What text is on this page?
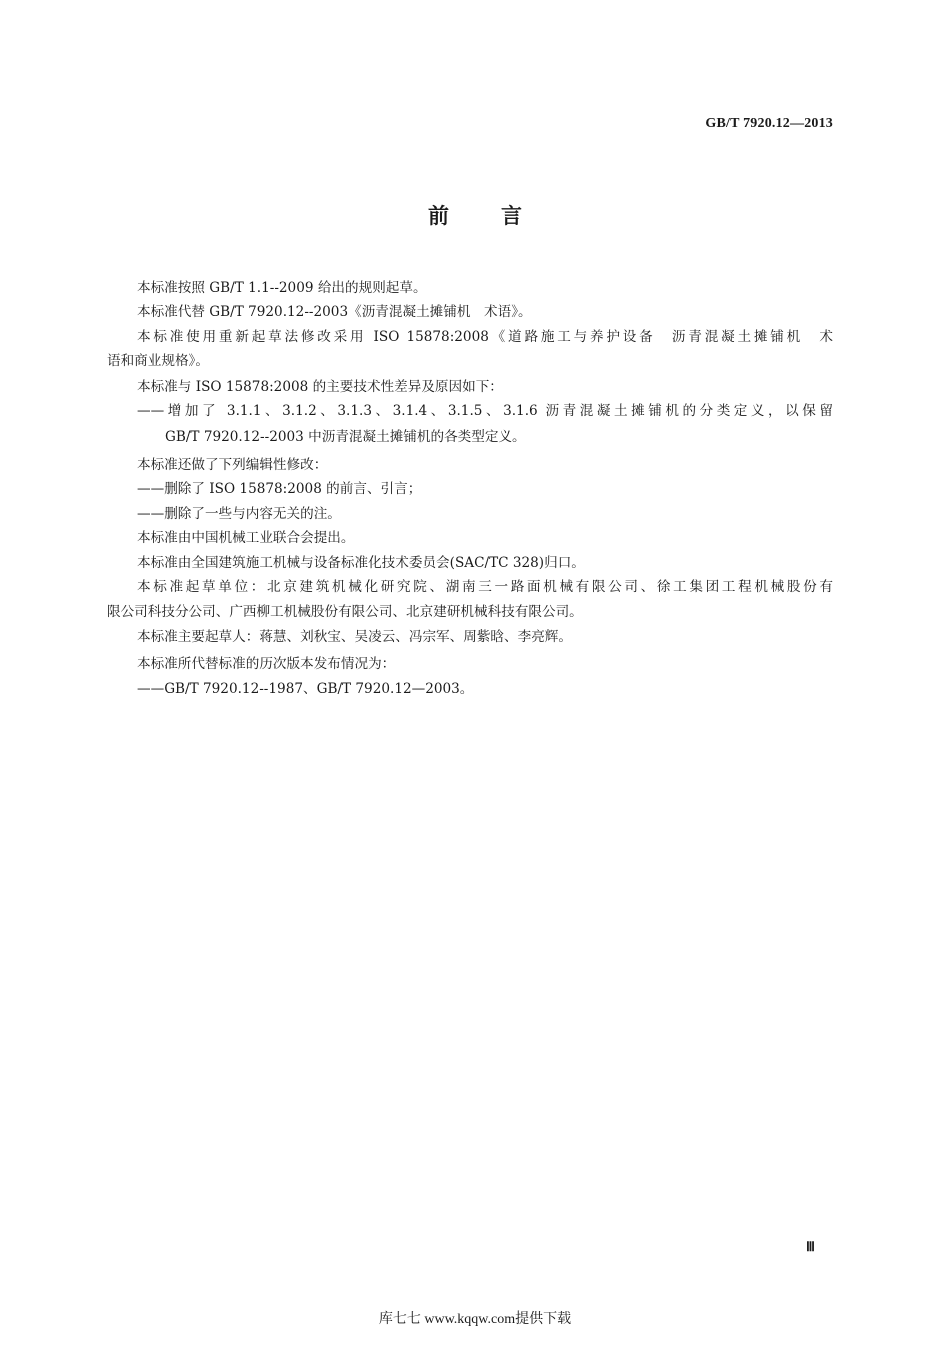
GB/T 7920.12—2013
前言
本标准按照 GB/T 1.1--2009 给出的规则起草。
本标准代替 GB/T 7920.12--2003《沥青混凝土摊铺机　术语》。
本标准使用重新起草法修改采用 ISO 15878:2008《道路施工与养护设备　沥青混凝土摊铺机　术
语和商业规格》。
本标准与 ISO 15878:2008 的主要技术性差异及原因如下：
——增加了 3.1.1、3.1.2、3.1.3、3.1.4、3.1.5、3.1.6 沥青混凝土摊铺机的分类定义，以保留
GB/T 7920.12--2003 中沥青混凝土摊铺机的各类型定义。
本标准还做了下列编辑性修改：
——删除了 ISO 15878:2008 的前言、引言；
——删除了一些与内容无关的注。
本标准由中国机械工业联合会提出。
本标准由全国建筑施工机械与设备标准化技术委员会(SAC/TC 328)归口。
本标准起草单位：北京建筑机械化研究院、湖南三一路面机械有限公司、徐工集团工程机械股份有
限公司科技分公司、广西柳工机械股份有限公司、北京建研机械科技有限公司。
本标准主要起草人：蒋慧、刘秋宝、吴凌云、冯宗军、周紫晗、李亮辉。
本标准所代替标准的历次版本发布情况为：
——GB/T 7920.12--1987、GB/T 7920.12—2003。
Ⅲ
库七七 www.kqqw.com提供下载
